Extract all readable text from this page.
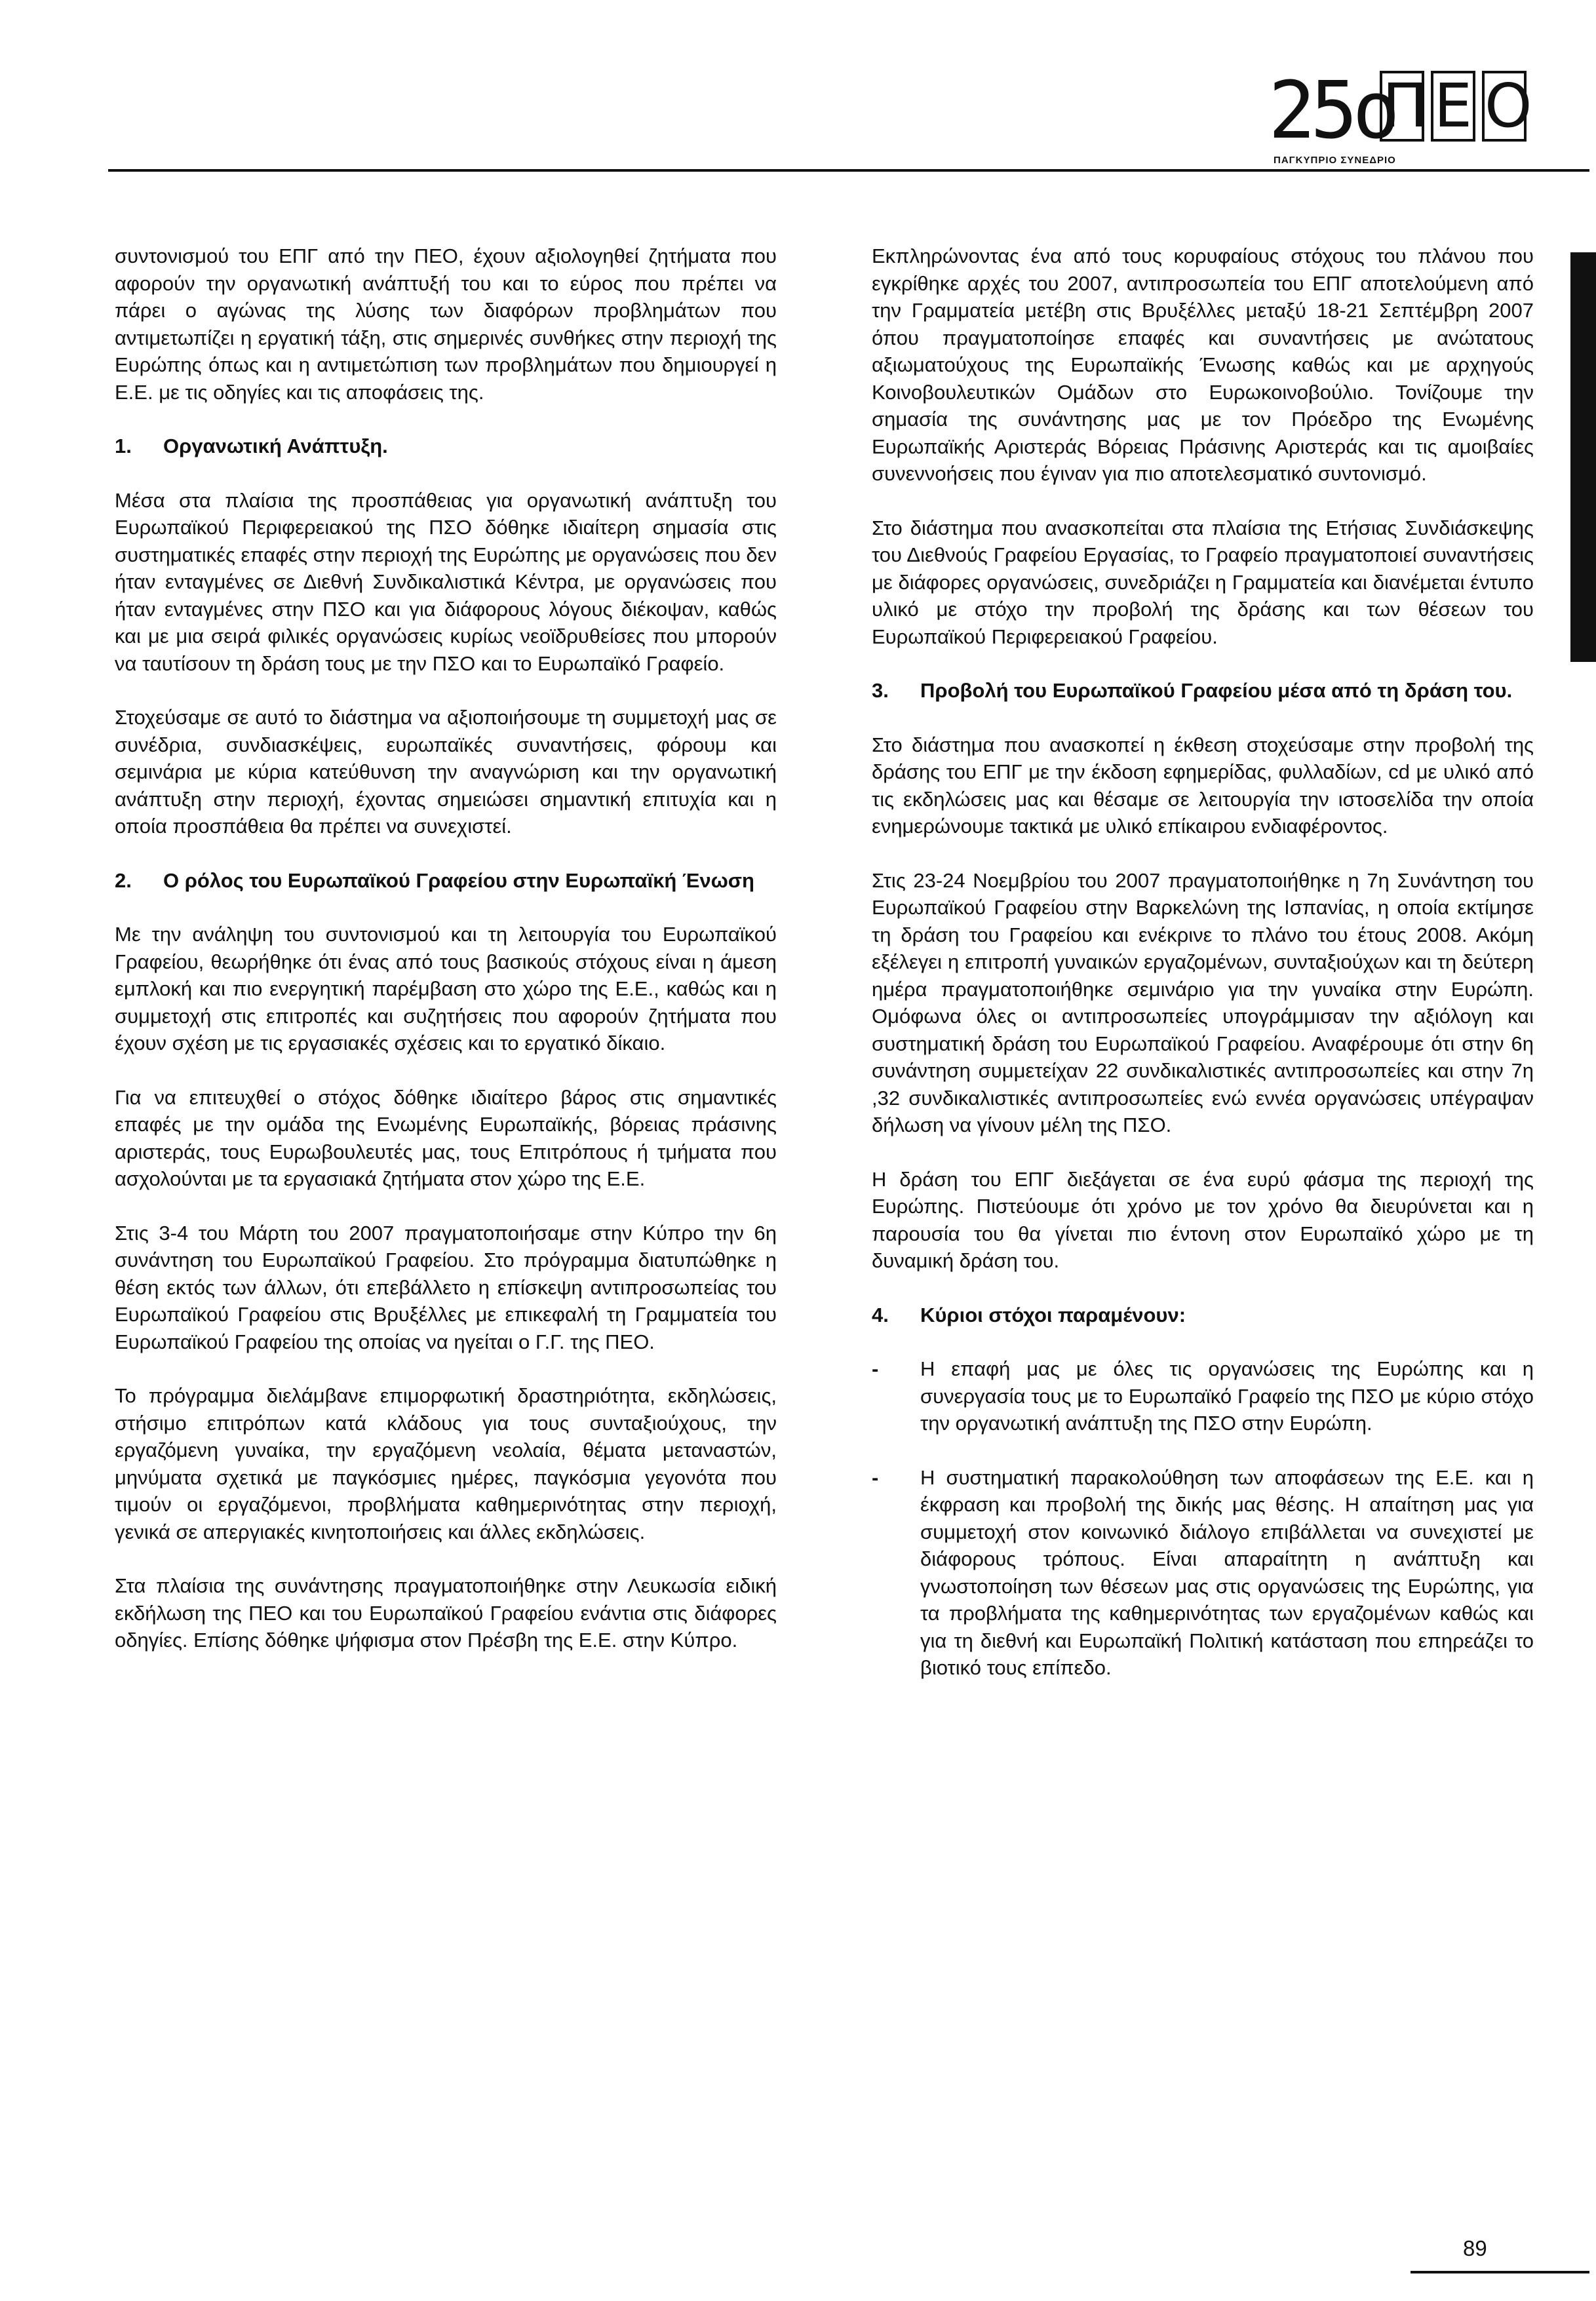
25o
Π Ε Ο
ΠΑΓΚΥΠΡΙΟ ΣΥΝΕΔΡΙΟ

συντονισμού του ΕΠΓ από την ΠΕΟ, έχουν αξιολογηθεί ζητήματα που αφορούν την οργανωτική ανάπτυξή του και το εύρος που πρέπει να πάρει ο αγώνας της λύσης των διαφόρων προβλημάτων που αντιμετωπίζει η εργατική τάξη, στις σημερινές συνθήκες στην περιοχή της Ευρώπης όπως και η αντιμετώπιση των προβλημάτων που δημιουργεί η Ε.Ε. με τις οδηγίες και τις αποφάσεις της.

1. Οργανωτική Ανάπτυξη.

Μέσα στα πλαίσια της προσπάθειας για οργανωτική ανάπτυξη του Ευρωπαϊκού Περιφερειακού της ΠΣΟ δόθηκε ιδιαίτερη σημασία στις συστηματικές επαφές στην περιοχή της Ευρώπης με οργανώσεις που δεν ήταν ενταγμένες σε Διεθνή Συνδικαλιστικά Κέντρα, με οργανώσεις που ήταν ενταγμένες στην ΠΣΟ και για διάφορους λόγους διέκοψαν, καθώς και με μια σειρά φιλικές οργανώσεις κυρίως νεοϊδρυθείσες που μπορούν να ταυτίσουν τη δράση τους με την ΠΣΟ και το Ευρωπαϊκό Γραφείο.

Στοχεύσαμε σε αυτό το διάστημα να αξιοποιήσουμε τη συμμετοχή μας σε συνέδρια, συνδιασκέψεις, ευρωπαϊκές συναντήσεις, φόρουμ και σεμινάρια με κύρια κατεύθυνση την αναγνώριση και την οργανωτική ανάπτυξη στην περιοχή, έχοντας σημειώσει σημαντική επιτυχία και η οποία προσπάθεια θα πρέπει να συνεχιστεί.

2. Ο ρόλος του Ευρωπαϊκού Γραφείου στην Ευρωπαϊκή Ένωση

Με την ανάληψη του συντονισμού και τη λειτουργία του Ευρωπαϊκού Γραφείου, θεωρήθηκε ότι ένας από τους βασικούς στόχους είναι η άμεση εμπλοκή και πιο ενεργητική παρέμβαση στο χώρο της Ε.Ε., καθώς και η συμμετοχή στις επιτροπές και συζητήσεις που αφορούν ζητήματα που έχουν σχέση με τις εργασιακές σχέσεις και το εργατικό δίκαιο.

Για να επιτευχθεί ο στόχος δόθηκε ιδιαίτερο βάρος στις σημαντικές επαφές με την ομάδα της Ενωμένης Ευρωπαϊκής, βόρειας πράσινης αριστεράς, τους Ευρωβουλευτές μας, τους Επιτρόπους ή τμήματα που ασχολούνται με τα εργασιακά ζητήματα στον χώρο της Ε.Ε.

Στις 3-4 του Μάρτη του 2007 πραγματοποιήσαμε στην Κύπρο την 6η συνάντηση του Ευρωπαϊκού Γραφείου. Στο πρόγραμμα διατυπώθηκε η θέση εκτός των άλλων, ότι επεβάλλετο η επίσκεψη αντιπροσωπείας του Ευρωπαϊκού Γραφείου στις Βρυξέλλες με επικεφαλή τη Γραμματεία του Ευρωπαϊκού Γραφείου της οποίας να ηγείται ο Γ.Γ. της ΠΕΟ.

Το πρόγραμμα διελάμβανε επιμορφωτική δραστηριότητα, εκδηλώσεις, στήσιμο επιτρόπων κατά κλάδους για τους συνταξιούχους, την εργαζόμενη γυναίκα, την εργαζόμενη νεολαία, θέματα μεταναστών, μηνύματα σχετικά με παγκόσμιες ημέρες, παγκόσμια γεγονότα που τιμούν οι εργαζόμενοι, προβλήματα καθημερινότητας στην περιοχή, γενικά σε απεργιακές κινητοποιήσεις και άλλες εκδηλώσεις.

Στα πλαίσια της συνάντησης πραγματοποιήθηκε στην Λευκωσία ειδική εκδήλωση της ΠΕΟ και του Ευρωπαϊκού Γραφείου ενάντια στις διάφορες οδηγίες. Επίσης δόθηκε ψήφισμα στον Πρέσβη της Ε.Ε. στην Κύπρο.

Εκπληρώνοντας ένα από τους κορυφαίους στόχους του πλάνου που εγκρίθηκε αρχές του 2007, αντιπροσωπεία του ΕΠΓ αποτελούμενη από την Γραμματεία μετέβη στις Βρυξέλλες μεταξύ 18-21 Σεπτέμβρη 2007 όπου πραγματοποίησε επαφές και συναντήσεις με ανώτατους αξιωματούχους της Ευρωπαϊκής Ένωσης καθώς και με αρχηγούς Κοινοβουλευτικών Ομάδων στο Ευρωκοινοβούλιο. Τονίζουμε την σημασία της συνάντησης μας με τον Πρόεδρο της Ενωμένης Ευρωπαϊκής Αριστεράς Βόρειας Πράσινης Αριστεράς και τις αμοιβαίες συνεννοήσεις που έγιναν για πιο αποτελεσματικό συντονισμό.

Στο διάστημα που ανασκοπείται στα πλαίσια της Ετήσιας Συνδιάσκεψης του Διεθνούς Γραφείου Εργασίας, το Γραφείο πραγματοποιεί συναντήσεις με διάφορες οργανώσεις, συνεδριάζει η Γραμματεία και διανέμεται έντυπο υλικό με στόχο την προβολή της δράσης και των θέσεων του Ευρωπαϊκού Περιφερειακού Γραφείου.

3. Προβολή του Ευρωπαϊκού Γραφείου μέσα από τη δράση του.

Στο διάστημα που ανασκοπεί η έκθεση στοχεύσαμε στην προβολή της δράσης του ΕΠΓ με την έκδοση εφημερίδας, φυλλαδίων, cd με υλικό από τις εκδηλώσεις μας και θέσαμε σε λειτουργία την ιστοσελίδα την οποία ενημερώνουμε τακτικά με υλικό επίκαιρου ενδιαφέροντος.

Στις 23-24 Νοεμβρίου του 2007 πραγματοποιήθηκε η 7η Συνάντηση του Ευρωπαϊκού Γραφείου στην Βαρκελώνη της Ισπανίας, η οποία εκτίμησε τη δράση του Γραφείου και ενέκρινε το πλάνο του έτους 2008. Ακόμη εξέλεγει η επιτροπή γυναικών εργαζομένων, συνταξιούχων και τη δεύτερη ημέρα πραγματοποιήθηκε σεμινάριο για την γυναίκα στην Ευρώπη. Ομόφωνα όλες οι αντιπροσωπείες υπογράμμισαν την αξιόλογη και συστηματική δράση του Ευρωπαϊκού Γραφείου. Αναφέρουμε ότι στην 6η συνάντηση συμμετείχαν 22 συνδικαλιστικές αντιπροσωπείες και στην 7η ,32 συνδικαλιστικές αντιπροσωπείες ενώ εννέα οργανώσεις υπέγραψαν δήλωση να γίνουν μέλη της ΠΣΟ.

Η δράση του ΕΠΓ διεξάγεται σε ένα ευρύ φάσμα της περιοχή της Ευρώπης. Πιστεύουμε ότι χρόνο με τον χρόνο θα διευρύνεται και η παρουσία του θα γίνεται πιο έντονη στον Ευρωπαϊκό χώρο με τη δυναμική δράση του.

4. Κύριοι στόχοι παραμένουν:
- Η επαφή μας με όλες τις οργανώσεις της Ευρώπης και η συνεργασία τους με το Ευρωπαϊκό Γραφείο της ΠΣΟ με κύριο στόχο την οργανωτική ανάπτυξη της ΠΣΟ στην Ευρώπη.
- Η συστηματική παρακολούθηση των αποφάσεων της Ε.Ε. και η έκφραση και προβολή της δικής μας θέσης. Η απαίτηση μας για συμμετοχή στον κοινωνικό διάλογο επιβάλλεται να συνεχιστεί με διάφορους τρόπους. Είναι απαραίτητη η ανάπτυξη και γνωστοποίηση των θέσεων μας στις οργανώσεις της Ευρώπης, για τα προβλήματα της καθημερινότητας των εργαζομένων καθώς και για τη διεθνή και Ευρωπαϊκή Πολιτική κατάσταση που επηρεάζει το βιοτικό τους επίπεδο.
89
